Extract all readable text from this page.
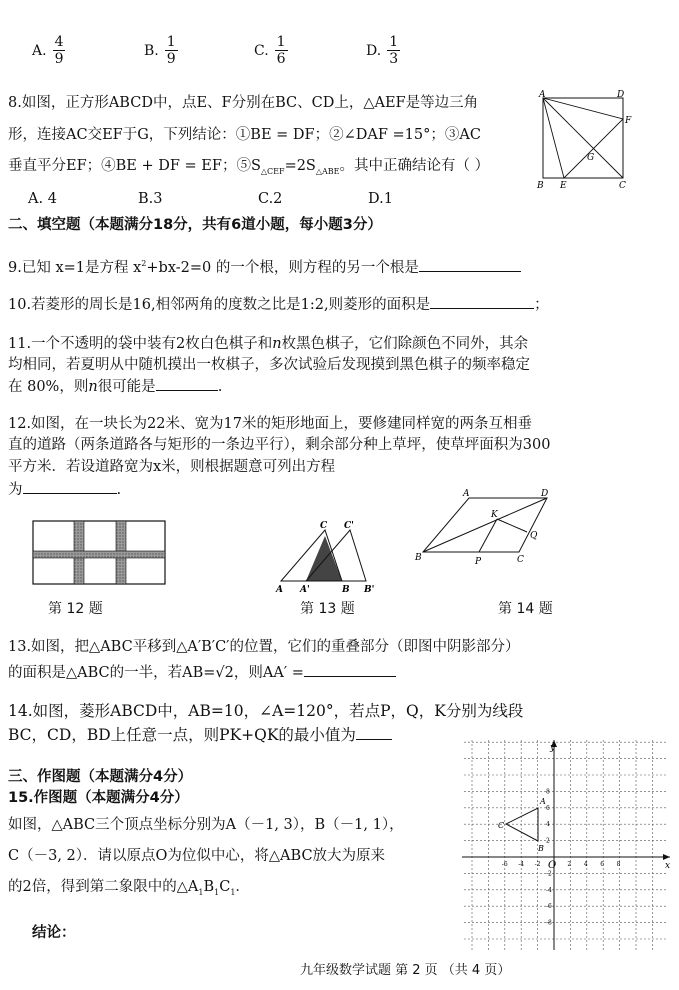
A. $\frac{4}{9}$	B. $\frac{1}{9}$	C. $\frac{1}{6}$	D. $\frac{1}{3}$
8.如图，正方形ABCD中，点E、F分别在BC、CD上，△AEF是等边三角
形，连接AC交EF于G，下列结论：①BE = DF；②∠DAF =15°；③AC
垂直平分EF；④BE + DF = EF；$⑤S_{\triangle CEF}=2S_{\triangle ABE}$。其中正确结论有（ ）
A. 4	B.3	C.2	D.1
A	D
F
G
B E	C
二、填空题（本题满分18分，共有6道小题，每小题3分）
9.已知 x=1是方程 $x^2+bx-2=0$ 的一个根，则方程的另一个根是
10.若菱形的周长是16,相邻两角的度数之比是1:2,则菱形的面积是	；
11.一个不透明的袋中装有2枚白色棋子和n枚黑色棋子，它们除颜色不同外，其余
均相同，若夏明从中随机摸出一枚棋子，多次试验后发现摸到黑色棋子的频率稳定
在 80%，则n很可能是	.
12.如图，在一块长为22米、宽为17米的矩形地面上，要修建同样宽的两条互相垂
直的道路（两条道路各与矩形的一条边平行），剩余部分种上草坪，使草坪面积为300
平方米．若设道路宽为x米，则根据题意可列出方程
为	.
C C'
A A'	B B'
A	D
K
Q
B	P	C
第 12 题	第 13 题	第 14 题
13.如图，把△ABC平移到△A′B′C′的位置，它们的重叠部分（即图中阴影部分）
的面积是△ABC的一半，若AB=√2，则AA′ =
14.如图，菱形ABCD中，AB=10，∠A=120°，若点P，Q，K分别为线段
BC，CD，BD上任意一点，则PK+QK的最小值为
三、作图题（本题满分4分）
15.作图题（本题满分4分）
如图，△ABC三个顶点坐标分别为A（－1, 3），B（－1, 1），
C（－3, 2）．请以原点O为位似中心，将△ABC放大为原来
的2倍，得到第二象限中的$\triangle A_1B_1C_1$．
结论：
y
x
O
A
B
C
8
6
4
2
-2
-4
-6
-8
-6 -4 -2	2 4 6 8
九年级数学试题 第 2 页 （共 4 页）
